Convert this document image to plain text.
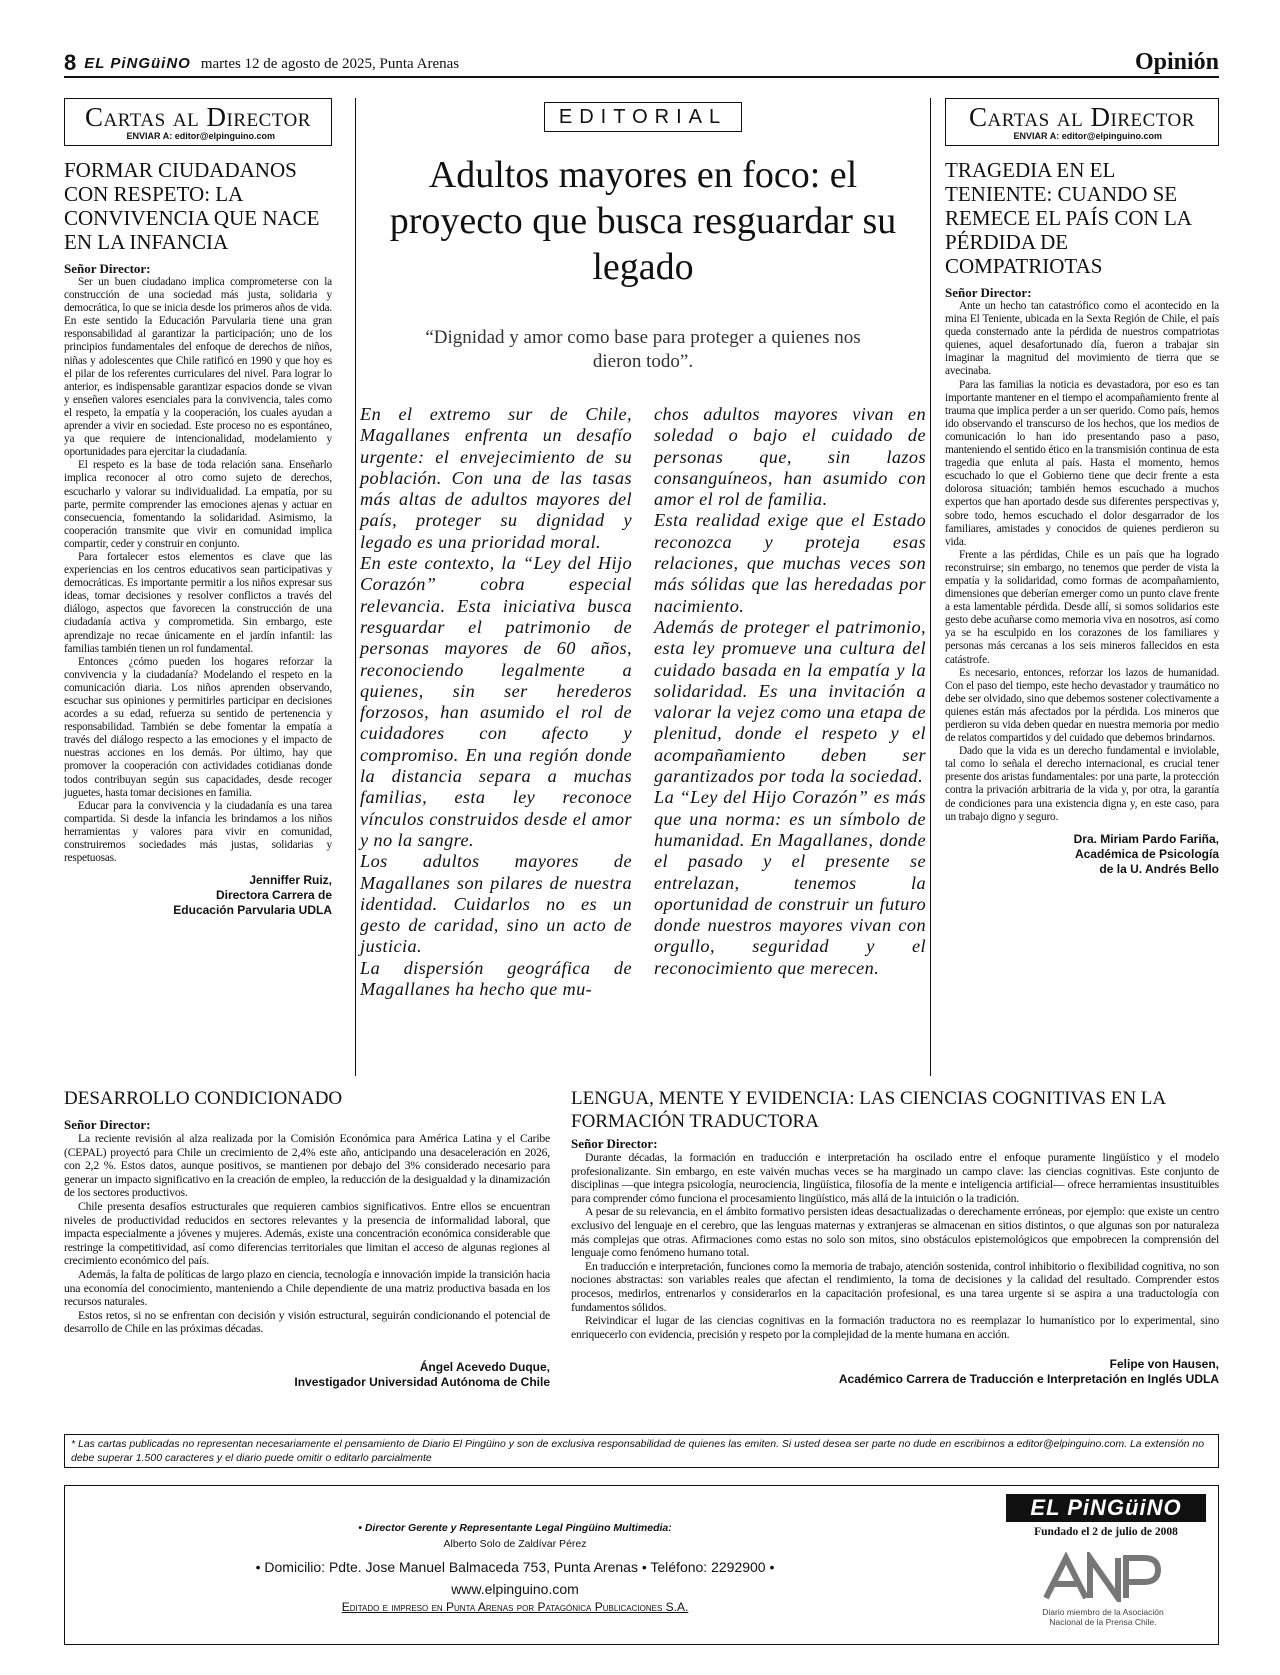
8 EL PiNGüiNO martes 12 de agosto de 2025, Punta Arenas	Opinión
Cartas al Director
ENVIAR A: editor@elpinguino.com
FORMAR CIUDADANOS CON RESPETO: LA CONVIVENCIA QUE NACE EN LA INFANCIA
Señor Director:

Ser un buen ciudadano implica comprometerse con la construcción de una sociedad más justa, solidaria y democrática, lo que se inicia desde los primeros años de vida. En este sentido la Educación Parvularia tiene una gran responsabilidad al garantizar la participación; uno de los principios fundamentales del enfoque de derechos de niños, niñas y adolescentes que Chile ratificó en 1990 y que hoy es el pilar de los referentes curriculares del nivel. Para lograr lo anterior, es indispensable garantizar espacios donde se vivan y enseñen valores esenciales para la convivencia, tales como el respeto, la empatía y la cooperación, los cuales ayudan a aprender a vivir en sociedad. Este proceso no es espontáneo, ya que requiere de intencionalidad, modelamiento y oportunidades para ejercitar la ciudadanía.

El respeto es la base de toda relación sana. Enseñarlo implica reconocer al otro como sujeto de derechos, escucharlo y valorar su individualidad. La empatía, por su parte, permite comprender las emociones ajenas y actuar en consecuencia, fomentando la solidaridad. Asimismo, la cooperación transmite que vivir en comunidad implica compartir, ceder y construir en conjunto.

Para fortalecer estos elementos es clave que las experiencias en los centros educativos sean participativas y democráticas. Es importante permitir a los niños expresar sus ideas, tomar decisiones y resolver conflictos a través del diálogo, aspectos que favorecen la construcción de una ciudadanía activa y comprometida. Sin embargo, este aprendizaje no recae únicamente en el jardín infantil: las familias también tienen un rol fundamental.

Entonces ¿cómo pueden los hogares reforzar la convivencia y la ciudadanía? Modelando el respeto en la comunicación diaria. Los niños aprenden observando, escuchar sus opiniones y permitirles participar en decisiones acordes a su edad, refuerza su sentido de pertenencia y responsabilidad. También se debe fomentar la empatía a través del diálogo respecto a las emociones y el impacto de nuestras acciones en los demás. Por último, hay que promover la cooperación con actividades cotidianas donde todos contribuyan según sus capacidades, desde recoger juguetes, hasta tomar decisiones en familia.

Educar para la convivencia y la ciudadanía es una tarea compartida. Si desde la infancia les brindamos a los niños herramientas y valores para vivir en comunidad, construiremos sociedades más justas, solidarias y respetuosas.

Jenniffer Ruiz,
Directora Carrera de
Educación Parvularia UDLA
EDITORIAL
Adultos mayores en foco: el proyecto que busca resguardar su legado
“Dignidad y amor como base para proteger a quienes nos dieron todo”.

En el extremo sur de Chile, Magallanes enfrenta un desafío urgente: el envejecimiento de su población. Con una de las tasas más altas de adultos mayores del país, proteger su dignidad y legado es una prioridad moral.

En este contexto, la “Ley del Hijo Corazón” cobra especial relevancia. Esta iniciativa busca resguardar el patrimonio de personas mayores de 60 años, reconociendo legalmente a quienes, sin ser herederos forzosos, han asumido el rol de cuidadores con afecto y compromiso. En una región donde la distancia separa a muchas familias, esta ley reconoce vínculos construidos desde el amor y no la sangre.

Los adultos mayores de Magallanes son pilares de nuestra identidad. Cuidarlos no es un gesto de caridad, sino un acto de justicia.

La dispersión geográfica de Magallanes ha hecho que mu-

chos adultos mayores vivan en soledad o bajo el cuidado de personas que, sin lazos consanguíneos, han asumido con amor el rol de familia.

Esta realidad exige que el Estado reconozca y proteja esas relaciones, que muchas veces son más sólidas que las heredadas por nacimiento.

Además de proteger el patrimonio, esta ley promueve una cultura del cuidado basada en la empatía y la solidaridad. Es una invitación a valorar la vejez como una etapa de plenitud, donde el respeto y el acompañamiento deben ser garantizados por toda la sociedad.

La “Ley del Hijo Corazón” es más que una norma: es un símbolo de humanidad. En Magallanes, donde el pasado y el presente se entrelazan, tenemos la oportunidad de construir un futuro donde nuestros mayores vivan con orgullo, seguridad y el reconocimiento que merecen.

Cartas al Director
ENVIAR A: editor@elpinguino.com
TRAGEDIA EN EL TENIENTE: CUANDO SE REMECE EL PAÍS CON LA PÉRDIDA DE COMPATRIOTAS
Señor Director:

Ante un hecho tan catastrófico como el acontecido en la mina El Teniente, ubicada en la Sexta Región de Chile, el país queda consternado ante la pérdida de nuestros compatriotas quienes, aquel desafortunado día, fueron a trabajar sin imaginar la magnitud del movimiento de tierra que se avecinaba.

Para las familias la noticia es devastadora, por eso es tan importante mantener en el tiempo el acompañamiento frente al trauma que implica perder a un ser querido. Como país, hemos ido observando el transcurso de los hechos, que los medios de comunicación lo han ido presentando paso a paso, manteniendo el sentido ético en la transmisión continua de esta tragedia que enluta al país. Hasta el momento, hemos escuchado lo que el Gobierno tiene que decir frente a esta dolorosa situación; también hemos escuchado a muchos expertos que han aportado desde sus diferentes perspectivas y, sobre todo, hemos escuchado el dolor desgarrador de los familiares, amistades y conocidos de quienes perdieron su vida.

Frente a las pérdidas, Chile es un país que ha logrado reconstruirse; sin embargo, no tenemos que perder de vista la empatía y la solidaridad, como formas de acompañamiento, dimensiones que deberían emerger como un punto clave frente a esta lamentable pérdida. Desde allí, si somos solidarios este gesto debe acuñarse como memoria viva en nosotros, así como ya se ha esculpido en los corazones de los familiares y personas más cercanas a los seis mineros fallecidos en esta catástrofe.

Es necesario, entonces, reforzar los lazos de humanidad. Con el paso del tiempo, este hecho devastador y traumático no debe ser olvidado, sino que debemos sostener colectivamente a quienes están más afectados por la pérdida. Los mineros que perdieron su vida deben quedar en nuestra memoria por medio de relatos compartidos y del cuidado que debemos brindarnos.

Dado que la vida es un derecho fundamental e inviolable, tal como lo señala el derecho internacional, es crucial tener presente dos aristas fundamentales: por una parte, la protección contra la privación arbitraria de la vida y, por otra, la garantía de condiciones para una existencia digna y, en este caso, para un trabajo digno y seguro.

Dra. Miriam Pardo Fariña,
Académica de Psicología
de la U. Andrés Bello
DESARROLLO CONDICIONADO
Señor Director:

La reciente revisión al alza realizada por la Comisión Económica para América Latina y el Caribe (CEPAL) proyectó para Chile un crecimiento de 2,4% este año, anticipando una desaceleración en 2026, con 2,2 %. Estos datos, aunque positivos, se mantienen por debajo del 3% considerado necesario para generar un impacto significativo en la creación de empleo, la reducción de la desigualdad y la dinamización de los sectores productivos.

Chile presenta desafíos estructurales que requieren cambios significativos. Entre ellos se encuentran niveles de productividad reducidos en sectores relevantes y la presencia de informalidad laboral, que impacta especialmente a jóvenes y mujeres. Además, existe una concentración económica considerable que restringe la competitividad, así como diferencias territoriales que limitan el acceso de algunas regiones al crecimiento económico del país.

Además, la falta de políticas de largo plazo en ciencia, tecnología e innovación impide la transición hacia una economía del conocimiento, manteniendo a Chile dependiente de una matriz productiva basada en los recursos naturales.

Estos retos, si no se enfrentan con decisión y visión estructural, seguirán condicionando el potencial de desarrollo de Chile en las próximas décadas.

Ángel Acevedo Duque,
Investigador Universidad Autónoma de Chile
LENGUA, MENTE Y EVIDENCIA: LAS CIENCIAS COGNITIVAS EN LA FORMACIÓN TRADUCTORA
Señor Director:

Durante décadas, la formación en traducción e interpretación ha oscilado entre el enfoque puramente lingüístico y el modelo profesionalizante. Sin embargo, en este vaivén muchas veces se ha marginado un campo clave: las ciencias cognitivas. Este conjunto de disciplinas —que integra psicología, neurociencia, lingüística, filosofía de la mente e inteligencia artificial— ofrece herramientas insustituibles para comprender cómo funciona el procesamiento lingüístico, más allá de la intuición o la tradición.

A pesar de su relevancia, en el ámbito formativo persisten ideas desactualizadas o derechamente erróneas, por ejemplo: que existe un centro exclusivo del lenguaje en el cerebro, que las lenguas maternas y extranjeras se almacenan en sitios distintos, o que algunas son por naturaleza más complejas que otras. Afirmaciones como estas no solo son mitos, sino obstáculos epistemológicos que empobrecen la comprensión del lenguaje como fenómeno humano total.

En traducción e interpretación, funciones como la memoria de trabajo, atención sostenida, control inhibitorio o flexibilidad cognitiva, no son nociones abstractas: son variables reales que afectan el rendimiento, la toma de decisiones y la calidad del resultado. Comprender estos procesos, medirlos, entrenarlos y considerarlos en la capacitación profesional, es una tarea urgente si se aspira a una traductología con fundamentos sólidos.

Reivindicar el lugar de las ciencias cognitivas en la formación traductora no es reemplazar lo humanístico por lo experimental, sino enriquecerlo con evidencia, precisión y respeto por la complejidad de la mente humana en acción.

Felipe von Hausen,
Académico Carrera de Traducción e Interpretación en Inglés UDLA
* Las cartas publicadas no representan necesariamente el pensamiento de Diario El Pingüino y son de exclusiva responsabilidad de quienes las emiten. Si usted desea ser parte no dude en escribirnos a editor@elpinguino.com. La extensión no debe superar 1.500 caracteres y el diario puede omitir o editarlo parcialmente
• Director Gerente y Representante Legal Pingüino Multimedia:
Alberto Solo de Zaldívar Pérez
• Domicilio: Pdte. Jose Manuel Balmaceda 753, Punta Arenas • Teléfono: 2292900 • www.elpinguino.com
Editado e impreso en Punta Arenas por Patagónica Publicaciones S.A.
EL PiNGüiNO
Fundado el 2 de julio de 2008
Diario miembro de la Asociación Nacional de la Prensa Chile.
